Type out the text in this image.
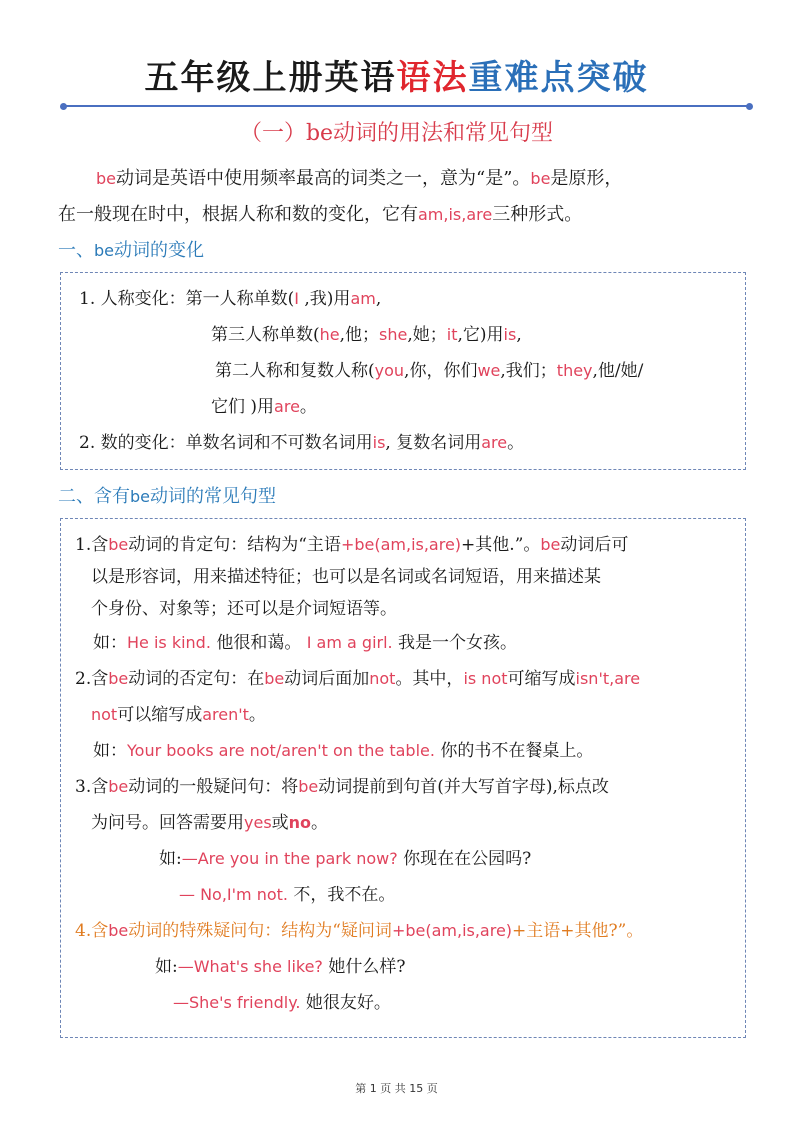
五年级上册英语语法重难点突破
（一）be动词的用法和常见句型
be动词是英语中使用频率最高的词类之一，意为“是”。be是原形，
在一般现在时中，根据人称和数的变化，它有am,is,are三种形式。
一、be动词的变化
1. 人称变化：第一人称单数(I ,我)用am,
第三人称单数(he,他；she,她；it,它)用is,
第二人称和复数人称(you,你，你们we,我们；they,他/她/
它们 )用are。
2. 数的变化：单数名词和不可数名词用is, 复数名词用are。
二、含有be动词的常见句型
1.含be动词的肯定句：结构为“主语+be(am,is,are)+其他.”。be动词后可
以是形容词，用来描述特征；也可以是名词或名词短语，用来描述某
个身份、对象等；还可以是介词短语等。
如：He is kind. 他很和蔼。 I am a girl. 我是一个女孩。
2.含be动词的否定句：在be动词后面加not。其中，is not可缩写成isn't,are
not可以缩写成aren't。
如：Your books are not/aren't on the table. 你的书不在餐桌上。
3.含be动词的一般疑问句：将be动词提前到句首(并大写首字母),标点改
为问号。回答需要用yes或no。
如:—Are you in the park now? 你现在在公园吗?
— No,I'm not. 不，我不在。
4.含be动词的特殊疑问句：结构为“疑问词+be(am,is,are)+主语+其他?”。
如:—What's she like? 她什么样?
—She's friendly. 她很友好。
第 1 页 共 15 页
